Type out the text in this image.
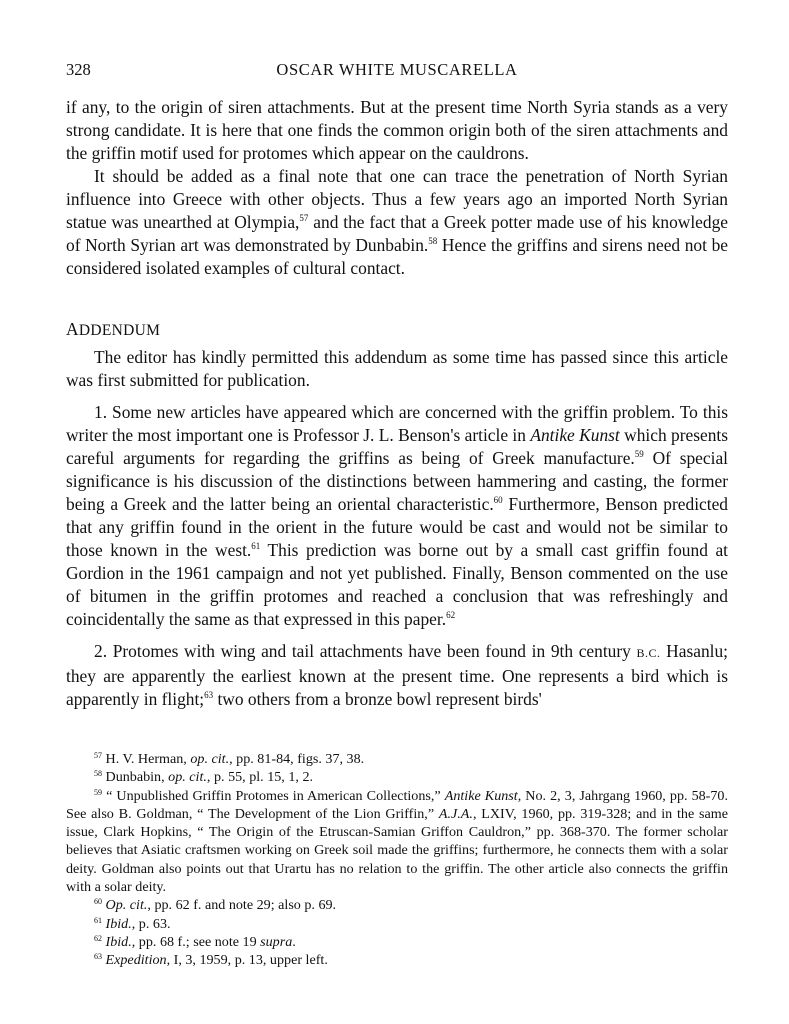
328	OSCAR WHITE MUSCARELLA

if any, to the origin of siren attachments. But at the present time North Syria stands as a very strong candidate. It is here that one finds the common origin both of the siren attachments and the griffin motif used for protomes which appear on the cauldrons.

It should be added as a final note that one can trace the penetration of North Syrian influence into Greece with other objects. Thus a few years ago an imported North Syrian statue was unearthed at Olympia,$^{57}$ and the fact that a Greek potter made use of his knowledge of North Syrian art was demonstrated by Dunbabin.$^{58}$ Hence the griffins and sirens need not be considered isolated examples of cultural contact.

ADDENDUM

The editor has kindly permitted this addendum as some time has passed since this article was first submitted for publication.

1. Some new articles have appeared which are concerned with the griffin problem. To this writer the most important one is Professor J. L. Benson's article in Antike Kunst which presents careful arguments for regarding the griffins as being of Greek manufacture.$^{59}$ Of special significance is his discussion of the distinctions between hammering and casting, the former being a Greek and the latter being an oriental characteristic.$^{60}$ Furthermore, Benson predicted that any griffin found in the orient in the future would be cast and would not be similar to those known in the west.$^{61}$ This prediction was borne out by a small cast griffin found at Gordion in the 1961 campaign and not yet published. Finally, Benson commented on the use of bitumen in the griffin protomes and reached a conclusion that was refreshingly and coincidentally the same as that expressed in this paper.$^{62}$

2. Protomes with wing and tail attachments have been found in 9th century B.C. Hasanlu; they are apparently the earliest known at the present time. One represents a bird which is apparently in flight;$^{63}$ two others from a bronze bowl represent birds'

$^{57}$ H. V. Herman, op. cit., pp. 81-84, figs. 37, 38.

$^{58}$ Dunbabin, op. cit., p. 55, pl. 15, 1, 2.

$^{59}$ “ Unpublished Griffin Protomes in American Collections,” Antike Kunst, No. 2, 3, Jahrgang 1960, pp. 58-70. See also B. Goldman, “ The Development of the Lion Griffin,” A.J.A., LXIV, 1960, pp. 319-328; and in the same issue, Clark Hopkins, “ The Origin of the Etruscan-Samian Griffon Cauldron,” pp. 368-370. The former scholar believes that Asiatic craftsmen working on Greek soil made the griffins; furthermore, he connects them with a solar deity. Goldman also points out that Urartu has no relation to the griffin. The other article also connects the griffin with a solar deity.

$^{60}$ Op. cit., pp. 62 f. and note 29; also p. 69.

$^{61}$ Ibid., p. 63.

$^{62}$ Ibid., pp. 68 f.; see note 19 supra.

$^{63}$ Expedition, I, 3, 1959, p. 13, upper left.
